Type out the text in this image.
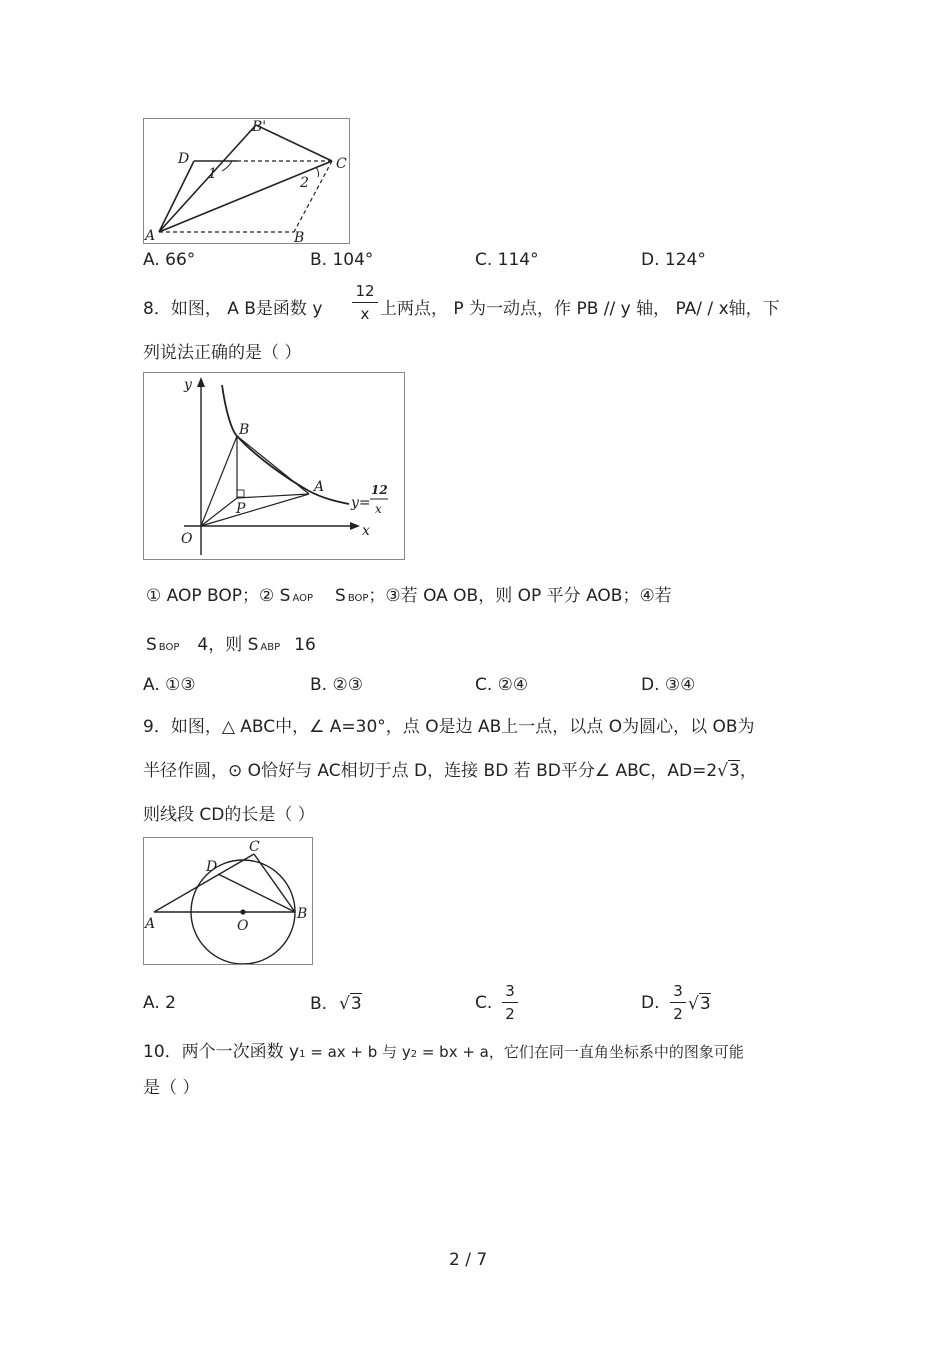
B'
D	C
A	B
1
2
A. 66°	B. 104°	C. 114°	D. 124°
8．如图， A B是函数 y
12
x 上两点， P 为一动点，作 PB // y 轴， PA/ / x轴，下
列说法正确的是（ ）
y
x
O
B
A
P	y=
12
x
① AOP BOP；② S AOP S BOP；③若 OA OB，则 OP 平分 AOB；④若
SBOP 4，则 S ABP 16
A. ①③	B. ②③	C. ②④	D. ③④
9．如图，△ ABC中，∠ A=30°，点 O是边 AB上一点，以点 O为圆心，以 OB为
半径作圆，⊙ O恰好与 AC相切于点 D，连接 BD 若 BD平分∠ ABC，AD=2√3，
则线段 CD的长是（ ）
C
D
A	O
B
A. 2	B. √3	C.
3
2
D.
3
2 √3
10．两个一次函数 y1 = ax + b 与 y2 = bx + a，它们在同一直角坐标系中的图象可能
是（ ）
2 / 7
